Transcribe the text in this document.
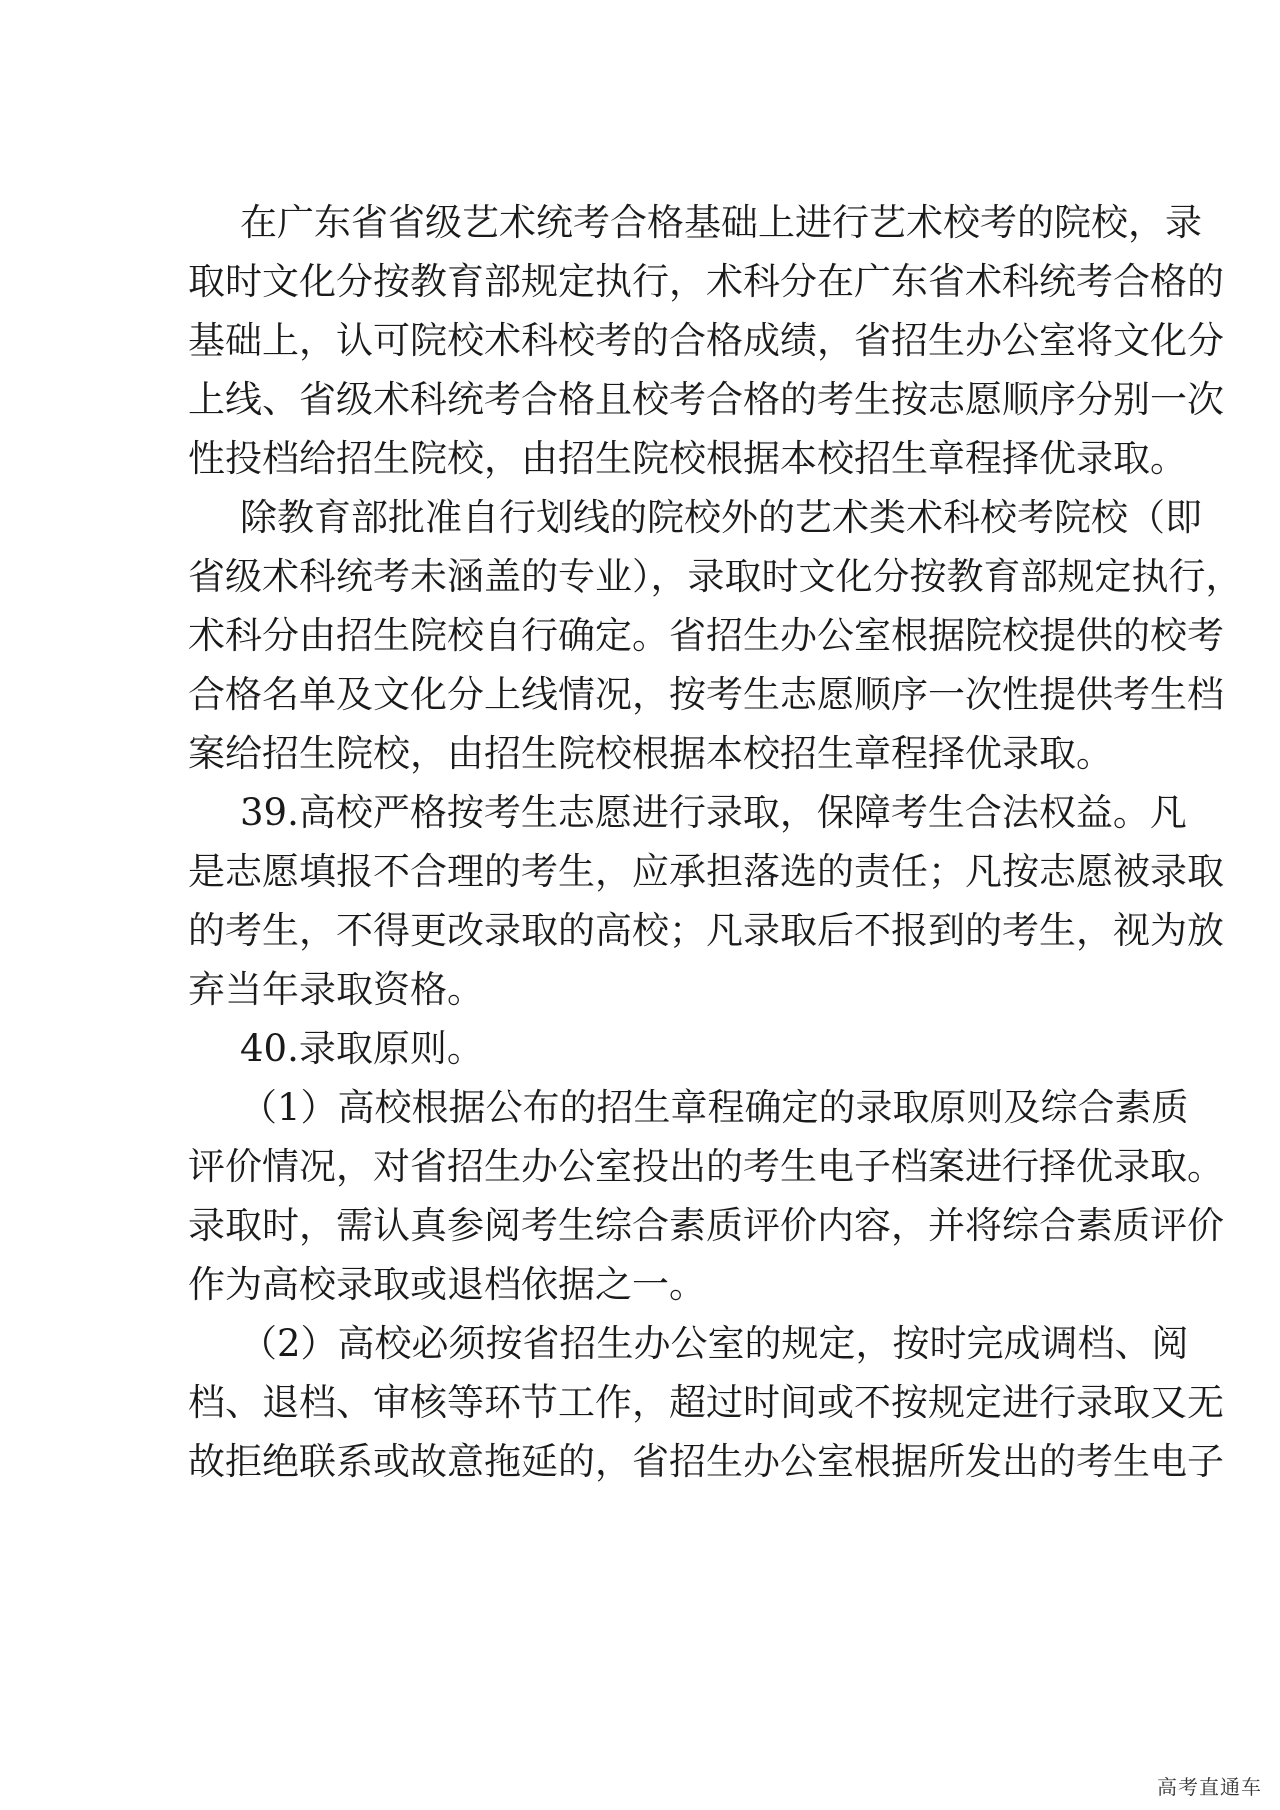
在广东省省级艺术统考合格基础上进行艺术校考的院校，录
取时文化分按教育部规定执行，术科分在广东省术科统考合格的
基础上，认可院校术科校考的合格成绩，省招生办公室将文化分
上线、省级术科统考合格且校考合格的考生按志愿顺序分别一次
性投档给招生院校，由招生院校根据本校招生章程择优录取。
除教育部批准自行划线的院校外的艺术类术科校考院校（即
省级术科统考未涵盖的专业），录取时文化分按教育部规定执行，
术科分由招生院校自行确定。省招生办公室根据院校提供的校考
合格名单及文化分上线情况，按考生志愿顺序一次性提供考生档
案给招生院校，由招生院校根据本校招生章程择优录取。
39.高校严格按考生志愿进行录取，保障考生合法权益。凡
是志愿填报不合理的考生，应承担落选的责任；凡按志愿被录取
的考生，不得更改录取的高校；凡录取后不报到的考生，视为放
弃当年录取资格。
40.录取原则。
（1）高校根据公布的招生章程确定的录取原则及综合素质
评价情况，对省招生办公室投出的考生电子档案进行择优录取。
录取时，需认真参阅考生综合素质评价内容，并将综合素质评价
作为高校录取或退档依据之一。
（2）高校必须按省招生办公室的规定，按时完成调档、阅
档、退档、审核等环节工作，超过时间或不按规定进行录取又无
故拒绝联系或故意拖延的，省招生办公室根据所发出的考生电子
高考直通车
